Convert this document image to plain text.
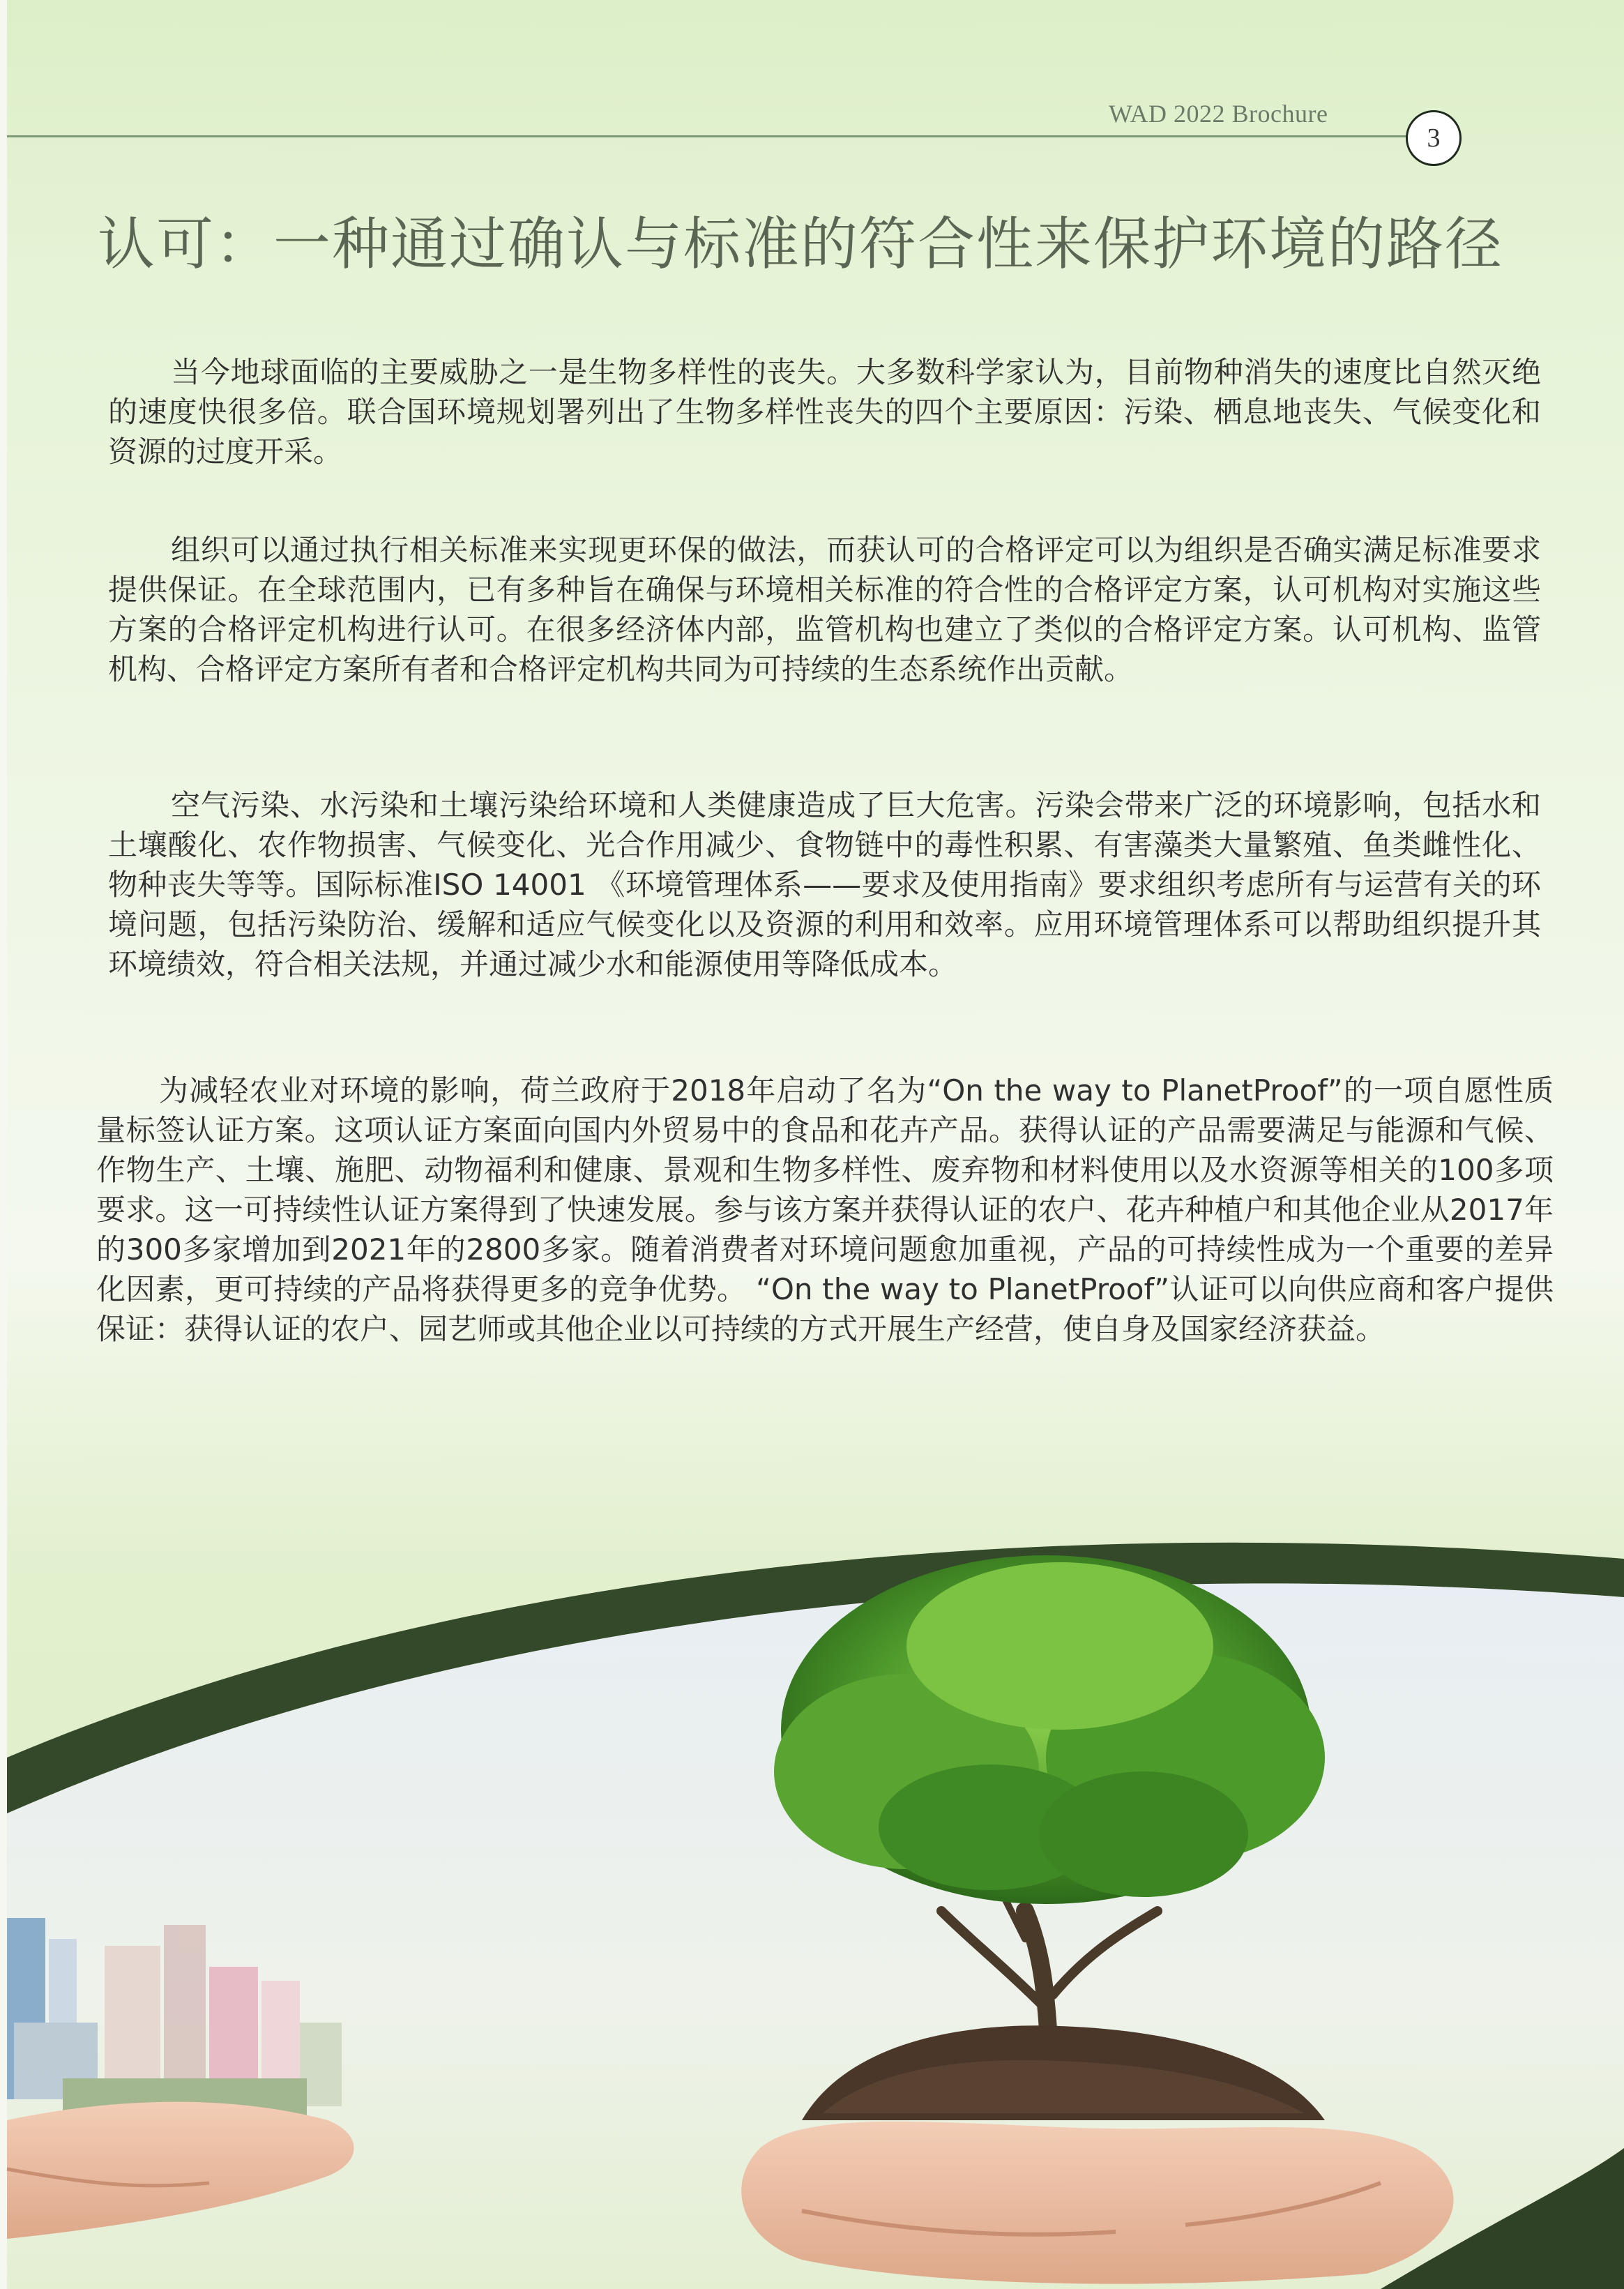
WAD 2022 Brochure
3
认可：一种通过确认与标准的符合性来保护环境的路径
当今地球面临的主要威胁之一是生物多样性的丧失。大多数科学家认为，目前物种消失的速度比自然灭绝的速度快很多倍。联合国环境规划署列出了生物多样性丧失的四个主要原因：污染、栖息地丧失、气候变化和资源的过度开采。
组织可以通过执行相关标准来实现更环保的做法，而获认可的合格评定可以为组织是否确实满足标准要求提供保证。在全球范围内，已有多种旨在确保与环境相关标准的符合性的合格评定方案，认可机构对实施这些方案的合格评定机构进行认可。在很多经济体内部，监管机构也建立了类似的合格评定方案。认可机构、监管机构、合格评定方案所有者和合格评定机构共同为可持续的生态系统作出贡献。
空气污染、水污染和土壤污染给环境和人类健康造成了巨大危害。污染会带来广泛的环境影响，包括水和土壤酸化、农作物损害、气候变化、光合作用减少、食物链中的毒性积累、有害藻类大量繁殖、鱼类雌性化、物种丧失等等。国际标准ISO 14001 《环境管理体系——要求及使用指南》要求组织考虑所有与运营有关的环境问题，包括污染防治、缓解和适应气候变化以及资源的利用和效率。应用环境管理体系可以帮助组织提升其环境绩效，符合相关法规，并通过减少水和能源使用等降低成本。
为减轻农业对环境的影响，荷兰政府于2018年启动了名为“On the way to PlanetProof”的一项自愿性质量标签认证方案。这项认证方案面向国内外贸易中的食品和花卉产品。获得认证的产品需要满足与能源和气候、作物生产、土壤、施肥、动物福利和健康、景观和生物多样性、废弃物和材料使用以及水资源等相关的100多项要求。这一可持续性认证方案得到了快速发展。参与该方案并获得认证的农户、花卉种植户和其他企业从2017年的300多家增加到2021年的2800多家。随着消费者对环境问题愈加重视，产品的可持续性成为一个重要的差异化因素，更可持续的产品将获得更多的竞争优势。 “On the way to PlanetProof”认证可以向供应商和客户提供保证：获得认证的农户、园艺师或其他企业以可持续的方式开展生产经营，使自身及国家经济获益。
